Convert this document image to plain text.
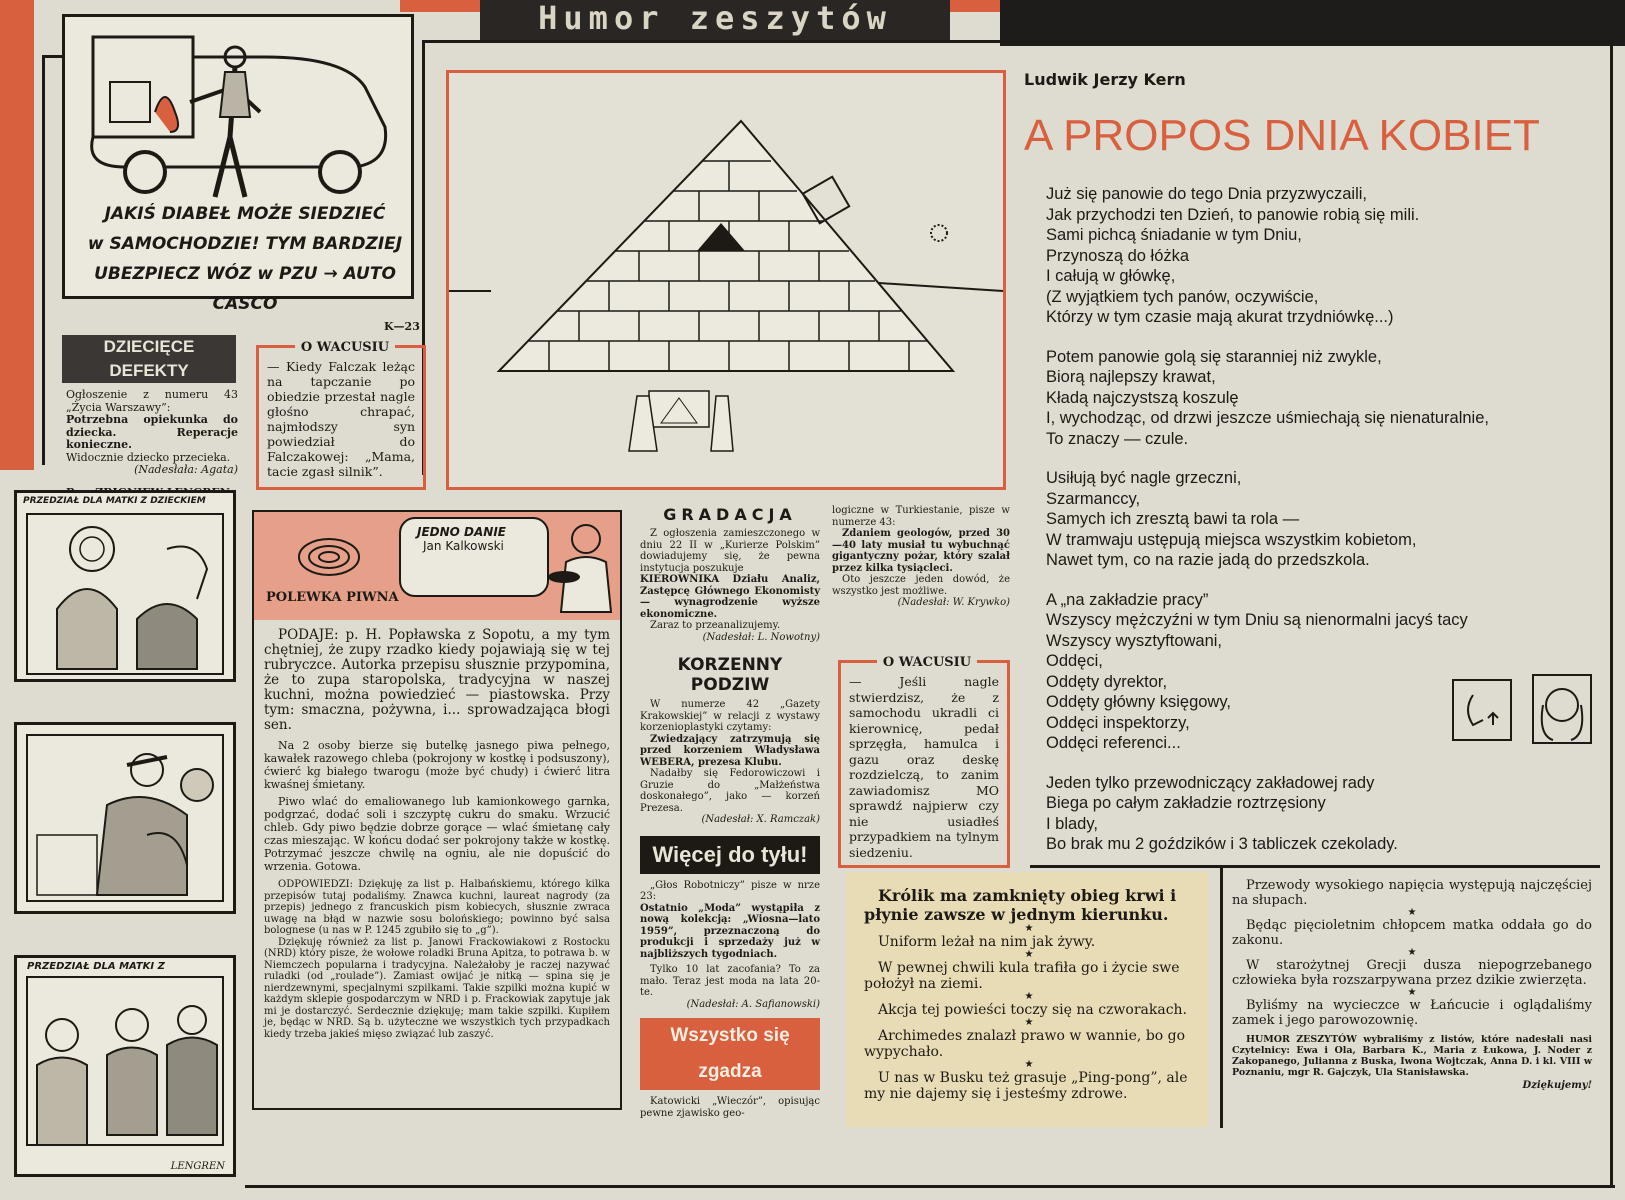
Humor zeszytów
JAKIŚ DIABEŁ MOŻE SIEDZIEĆ
w SAMOCHODZIE! TYM BARDZIEJ
UBEZPIECZ WÓZ w PZU → AUTO CASCO
K—23
DZIECIĘCE DEFEKTY

Ogłoszenie z numeru 43 „Życia Warszawy”:

Potrzebna opiekunka do dziecka. Reperacje konieczne.

Widocznie dziecko przecieka.

(Nadesłała: Agata)

O WACUSIU

— Kiedy Falczak leżąc na tapczanie po obiedzie przestał nagle głośno chrapać, najmłodszy syn powiedział do Falczakowej: „Mama, tacie zgasł silnik”.

PRZEDZIAŁ DLA MATKI Z DZIECKIEM
PRZEDZIAŁ DLA MATKI Z
LENGREN
JEDNO DANIE
Jan Kalkowski
POLEWKA PIWNA

PODAJE: p. H. Popławska z Sopotu, a my tym chętniej, że zupy rzadko kiedy pojawiają się w tej rubryczce. Autorka przepisu słusznie przypomina, że to zupa staropolska, tradycyjna w naszej kuchni, można powiedzieć — piastowska. Przy tym: smaczna, pożywna, i... sprowadzająca błogi sen.

Na 2 osoby bierze się butelkę jasnego piwa pełnego, kawałek razowego chleba (pokrojony w kostkę i podsuszony), ćwierć kg białego twarogu (może być chudy) i ćwierć litra kwaśnej śmietany.

Piwo wlać do emaliowanego lub kamionkowego garnka, podgrzać, dodać soli i szczyptę cukru do smaku. Wrzucić chleb. Gdy piwo będzie dobrze gorące — wlać śmietanę cały czas mieszając. W końcu dodać ser pokrojony także w kostkę. Potrzymać jeszcze chwilę na ogniu, ale nie dopuścić do wrzenia. Gotowa.

ODPOWIEDZI: Dziękuję za list p. Halbańskiemu, którego kilka przepisów tutaj podaliśmy. Znawca kuchni, laureat nagrody (za przepis) jednego z francuskich pism kobiecych, słusznie zwraca uwagę na błąd w nazwie sosu bolońskiego; powinno być salsa bolognese (u nas w P. 1245 zgubiło się to „g”).

Dziękuję również za list p. Janowi Frackowiakowi z Rostocku (NRD) który pisze, że wołowe roladki Bruna Apitza, to potrawa b. w Niemczech popularna i tradycyjna. Należałoby je raczej nazywać ruladki (od „roulade”). Zamiast owijać je nitką — spina się je nierdzewnymi, specjalnymi szpilkami. Takie szpilki można kupić w każdym sklepie gospodarczym w NRD i p. Frackowiak zapytuje jak mi je dostarczyć. Serdecznie dziękuję; mam takie szpilki. Kupiłem je, będąc w NRD. Są b. użyteczne we wszystkich tych przypadkach kiedy trzeba jakieś mięso związać lub zaszyć.

GRADACJA

Z ogłoszenia zamieszczonego w dniu 22 II w „Kurierze Polskim” dowiadujemy się, że pewna instytucja poszukuje

KIEROWNIKA Działu Analiz, Zastępcę Głównego Ekonomisty — wynagrodzenie wyższe ekonomiczne.

Zaraz to przeanalizujemy.

(Nadesłał: L. Nowotny)

KORZENNY PODZIW

W numerze 42 „Gazety Krakowskiej” w relacji z wystawy korzenioplastyki czytamy:

Zwiedzający zatrzymują się przed korzeniem Władysława WEBERA, prezesa Klubu.

Nadałby się Fedorowiczowi i Gruzie do „Małżeństwa doskonałego”, jako — korzeń Prezesa.

(Nadesłał: X. Ramczak)

Więcej do tyłu!

„Głos Robotniczy” pisze w nrze 23:

Ostatnio „Moda” wystąpiła z nową kolekcją: „Wiosna—lato 1959”, przeznaczoną do produkcji i sprzedaży już w najbliższych tygodniach.

Tylko 10 lat zacofania? To za mało. Teraz jest moda na lata 20-te.

(Nadesłał: A. Safianowski)

Wszystko się zgadza

Katowicki „Wieczór”, opisując pewne zjawisko geo-

logiczne w Turkiestanie, pisze w numerze 43:

Zdaniem geologów, przed 30—40 laty musiał tu wybuchnąć gigantyczny pożar, który szalał przez kilka tysiącleci.

Oto jeszcze jeden dowód, że wszystko jest możliwe.

(Nadesłał: W. Krywko)

O WACUSIU

— Jeśli nagle stwierdzisz, że z samochodu ukradli ci kierownicę, pedał sprzęgła, hamulca i gazu oraz deskę rozdzielczą, to zanim zawiadomisz MO sprawdź najpierw czy nie usiadłeś przypadkiem na tylnym siedzeniu.

Ludwik Jerzy Kern
A PROPOS DNIA KOBIET

Już się panowie do tego Dnia przyzwyczaili,

Jak przychodzi ten Dzień, to panowie robią się mili.

Sami pichcą śniadanie w tym Dniu,

Przynoszą do łóżka

I całują w główkę,

(Z wyjątkiem tych panów, oczywiście,

Którzy w tym czasie mają akurat trzydniówkę...)

Potem panowie golą się staranniej niż zwykle,

Biorą najlepszy krawat,

Kładą najczystszą koszulę

I, wychodząc, od drzwi jeszcze uśmiechają się nienaturalnie,

To znaczy — czule.

Usiłują być nagle grzeczni,

Szarmanccy,

Samych ich zresztą bawi ta rola —

W tramwaju ustępują miejsca wszystkim kobietom,

Nawet tym, co na razie jadą do przedszkola.

A „na zakładzie pracy”

Wszyscy mężczyźni w tym Dniu są nienormalni jacyś tacy

Wszyscy wysztyftowani,

Oddęci,

Oddęty dyrektor,

Oddęty główny księgowy,

Oddęci inspektorzy,

Oddęci referenci...

Jeden tylko przewodniczący zakładowej rady

Biega po całym zakładzie roztrzęsiony

I blady,

Bo brak mu 2 goździków i 3 tabliczek czekolady.

Królik ma zamknięty obieg krwi i płynie zawsze w jednym kierunku.

★

Uniform leżał na nim jak żywy.

★

W pewnej chwili kula trafiła go i życie swe położył na ziemi.

★

Akcja tej powieści toczy się na czworakach.

★

Archimedes znalazł prawo w wannie, bo go wypychało.

★

U nas w Busku też grasuje „Ping-pong”, ale my nie dajemy się i jesteśmy zdrowe.

Przewody wysokiego napięcia występują najczęściej na słupach.

★

Będąc pięcioletnim chłopcem matka oddała go do zakonu.

★

W starożytnej Grecji dusza niepogrzebanego człowieka była rozszarpywana przez dzikie zwierzęta.

★

Byliśmy na wycieczce w Łańcucie i oglądaliśmy zamek i jego parowozownię.

HUMOR ZESZYTÓW wybraliśmy z listów, które nadesłali nasi Czytelnicy: Ewa i Ola, Barbara K., Maria z Łukowa, J. Noder z Zakopanego, Julianna z Buska, Iwona Wojtczak, Anna D. i kl. VIII w Poznaniu, mgr R. Gajczyk, Ula Stanisławska.

Dziękujemy!
